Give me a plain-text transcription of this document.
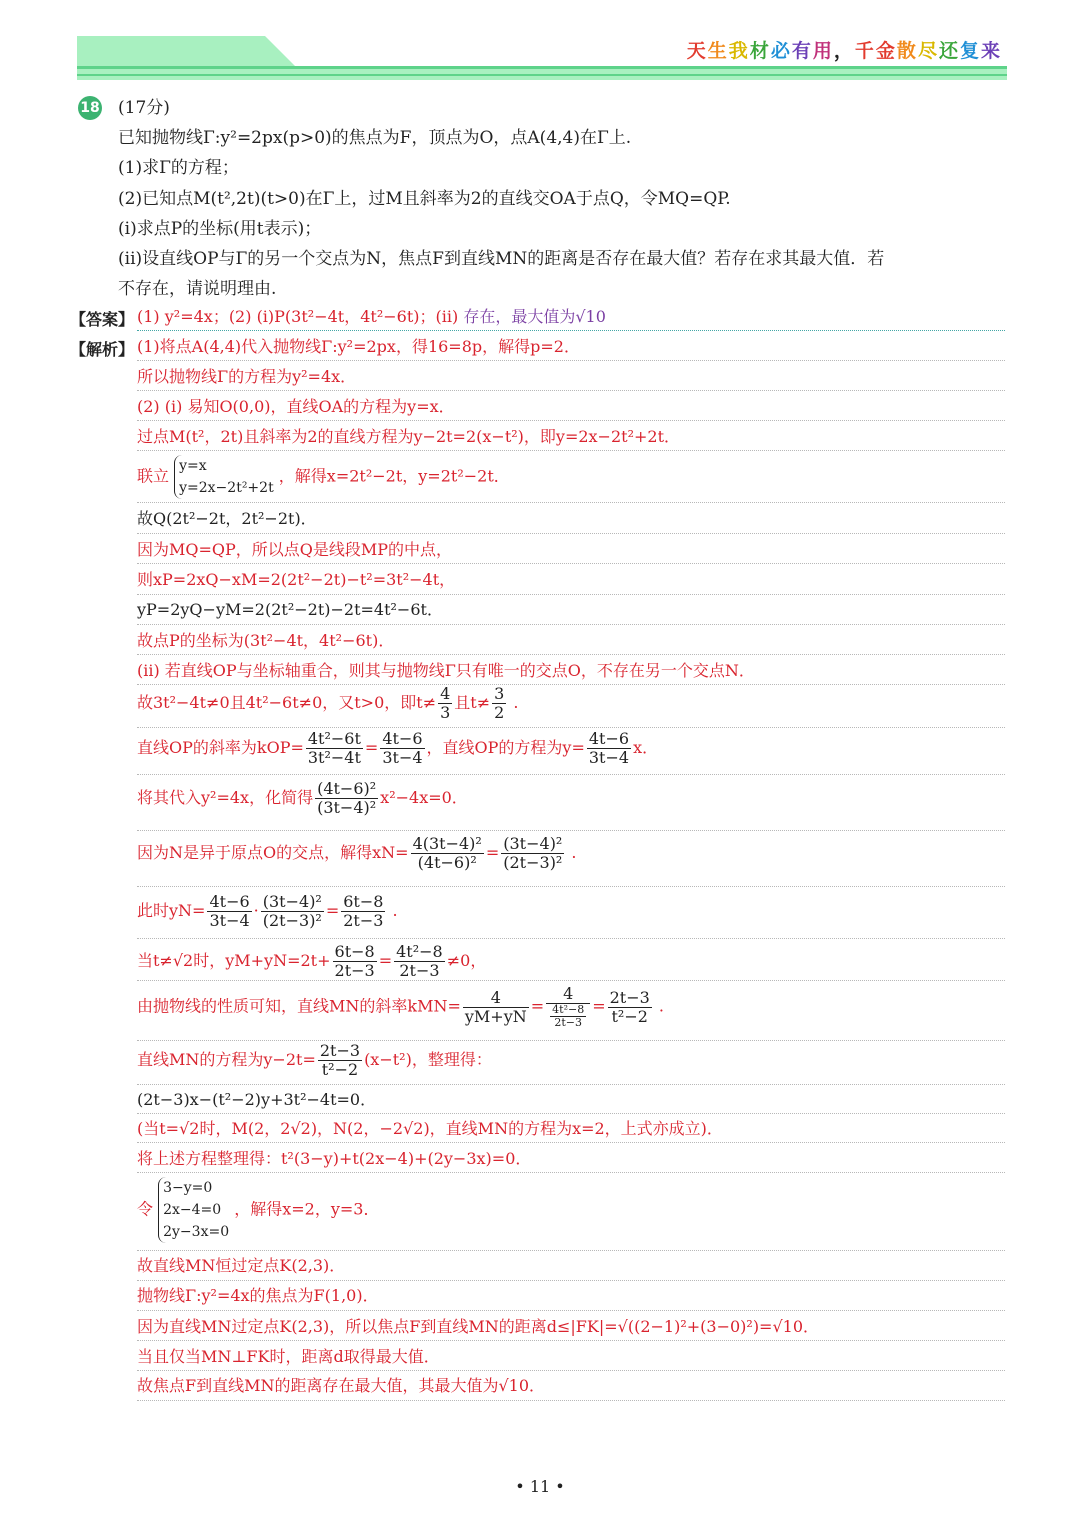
天生我材必有用，千金散尽还复来
18 (17分)
已知抛物线Γ:y²=2px(p>0)的焦点为F，顶点为O，点A(4,4)在Γ上.
(1)求Γ的方程；
(2)已知点M(t²,2t)(t>0)在Γ上，过M且斜率为2的直线交OA于点Q，令MQ=QP.
(i)求点P的坐标(用t表示)；
(ii)设直线OP与Γ的另一个交点为N，焦点F到直线MN的距离是否存在最大值？若存在求其最大值．若
不存在，请说明理由.
【答案】 (1) y²=4x；(2) (i)P(3t²−4t，4t²−6t)；(ii) 存在，最大值为√10
【解析】 (1)将点A(4,4)代入抛物线Γ:y²=2px，得16=8p，解得p=2．
所以抛物线Γ的方程为y²=4x．
(2) (i) 易知O(0,0)，直线OA的方程为y=x．
过点M(t²，2t)且斜率为2的直线方程为y−2t=2(x−t²)，即y=2x−2t²+2t．
联立
y=x
y=2x−2t²+2t
，解得x=2t²−2t，y=2t²−2t．
故Q(2t²−2t，2t²−2t)．
因为MQ=QP，所以点Q是线段MP的中点，
则xP=2xQ−xM=2(2t²−2t)−t²=3t²−4t，
yP=2yQ−yM=2(2t²−2t)−2t=4t²−6t．
故点P的坐标为(3t²−4t，4t²−6t)．
(ii) 若直线OP与坐标轴重合，则其与抛物线Γ只有唯一的交点O，不存在另一个交点N．
故3t²−4t≠0且4t²−6t≠0，又t>0，即$t\ne \frac{4}{3}$ 且$t\ne \frac{3}{2}$ .
直线OP的斜率为$kOP= \frac{\text{4t²−6t}}{\text{3t²−4t}} = \frac{4t-6}{3t-4}$ ，直线OP的方程为$y= \frac{4t-6}{3t-4}$ x．
将其代入y²=4x，化简得 $\frac{\text{(4t−6)²}}{\text{(3t−4)²}} x^2-4x=0$．
因为N是异于原点O的交点，解得$xN= \frac{\text{4(3t−4)²}}{\text{(4t−6)²}} = \frac{\text{(3t−4)²}}{\text{(2t−3)²}}$ .
此时$yN= \frac{4t-6}{3t-4} \cdot \frac{\text{(3t−4)²}}{\text{(2t−3)²}} = \frac{6t-8}{2t-3}$ .
当t≠√2时，$yM+yN=2t+ \frac{6t-8}{2t-3} = \frac{\text{4t²−8}}{2t-3} \ne 0$，
由抛物线的性质可知，直线MN的斜率$kMN= \frac{4}{yM+yN} = \frac{4}{\frac{\text{4t²−8}}{2t-3}} = \frac{2t-3}{\text{t²−2}}$ .
直线MN的方程为$y-2t= \frac{2t-3}{\text{t²−2}} (x-t^2)$，整理得：
(2t−3)x−(t²−2)y+3t²−4t=0．
(当t=√2时，M(2，2√2)，N(2，−2√2)，直线MN的方程为x=2，上式亦成立)．
将上述方程整理得：t²(3−y)+t(2x−4)+(2y−3x)=0．
令
3−y=0
2x−4=0
2y−3x=0
，解得x=2，y=3．
故直线MN恒过定点K(2,3)．
抛物线Γ:y²=4x的焦点为F(1,0)．
因为直线MN过定点K(2,3)，所以焦点F到直线MN的距离d≤|FK|=√((2−1)²+(3−0)²)=√10．
当且仅当MN⊥FK时，距离d取得最大值．
故焦点F到直线MN的距离存在最大值，其最大值为√10．
• 11 •
